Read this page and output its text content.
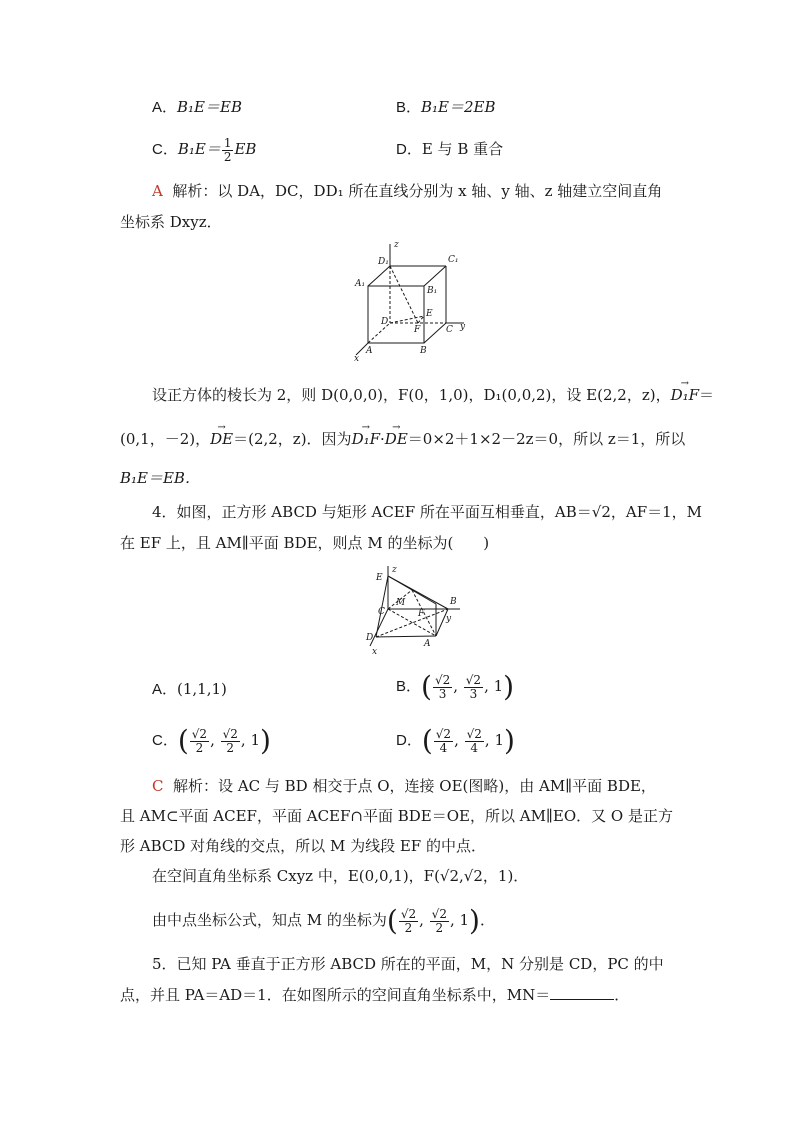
A．B₁E＝EB	B．B₁E＝2EB
C．$B_1E= \frac{1}{2}$ EB	D．E 与 B 重合
A 解析：以 DA，DC，DD₁ 所在直线分别为 x 轴、y 轴、z 轴建立空间直角
坐标系 Dxyz．
z
D₁	C₁
A₁
B₁
D
E
F	C y
A	B
x
设正方体的棱长为 2，则 D(0,0,0)，F(0，1,0)，D₁(0,0,2)，设 E(2,2，z)，→ D₁F＝
(0,1，－2)，→ DE＝(2,2，z)．因为→ D₁F·→ DE＝0×2＋1×2－2z＝0，所以 z＝1，所以
B₁E＝EB．
4．如图，正方形 ABCD 与矩形 ACEF 所在平面互相垂直，AB＝√2，AF＝1，M
在 EF 上，且 AM∥平面 BDE，则点 M 的坐标为(　　)
z
E
M
F
B
C
y
D
A
x
A．(1,1,1)	B．( $\frac{√2}{3}$ , $\frac{√2}{3}$ , 1)
C．( $\frac{√2}{2}$ , $\frac{√2}{2}$ , 1)	D．( $\frac{√2}{4}$ , $\frac{√2}{4}$ , 1)
C 解析：设 AC 与 BD 相交于点 O，连接 OE(图略)，由 AM∥平面 BDE，
且 AM⊂平面 ACEF，平面 ACEF∩平面 BDE＝OE，所以 AM∥EO．又 O 是正方
形 ABCD 对角线的交点，所以 M 为线段 EF 的中点．
在空间直角坐标系 Cxyz 中，E(0,0,1)，F(√2,√2，1)．
由中点坐标公式，知点 M 的坐标为( $\frac{√2}{2}$ , $\frac{√2}{2}$ , 1)．
5．已知 PA 垂直于正方形 ABCD 所在的平面，M，N 分别是 CD，PC 的中
点，并且 PA＝AD＝1．在如图所示的空间直角坐标系中，MN＝	．
